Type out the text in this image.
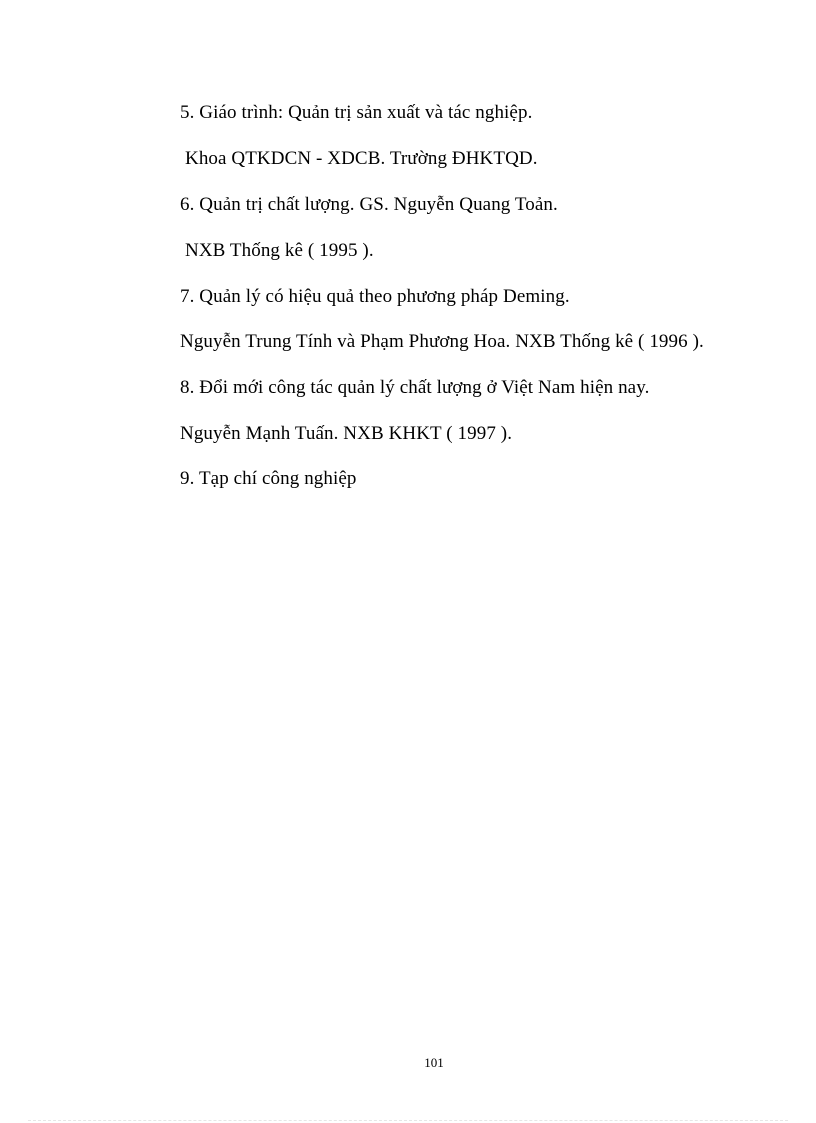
5. Giáo trình: Quản trị sản xuất và tác nghiệp.
Khoa QTKDCN - XDCB. Trường ĐHKTQD.
6. Quản trị chất lượng. GS. Nguyễn Quang Toản.
NXB Thống kê ( 1995 ).
7. Quản lý có hiệu quả theo phương pháp Deming.
Nguyễn Trung Tính và Phạm Phương Hoa. NXB Thống kê ( 1996 ).
8. Đổi mới công tác quản lý chất lượng ở Việt Nam hiện nay.
Nguyễn Mạnh Tuấn. NXB KHKT ( 1997 ).
9. Tạp chí công nghiệp
101
